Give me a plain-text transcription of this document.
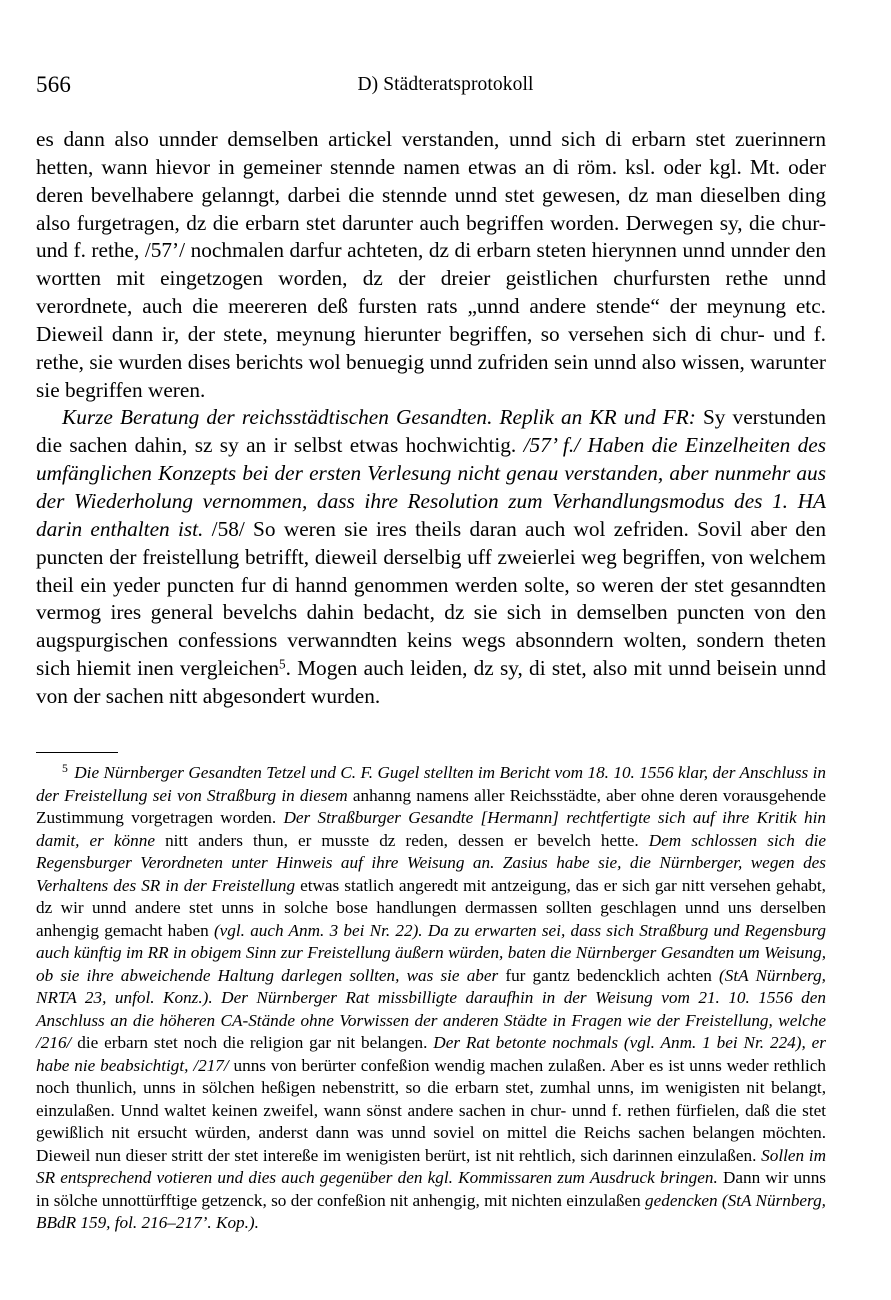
566	D) Städteratsprotokoll

es dann also unnder demselben artickel verstanden, unnd sich di erbarn stet zuerinnern hetten, wann hievor in gemeiner stennde namen etwas an di röm. ksl. oder kgl. Mt. oder deren bevelhabere gelanngt, darbei die stennde unnd stet gewesen, dz man dieselben ding also furgetragen, dz die erbarn stet darunter auch begriffen worden. Derwegen sy, die chur- und f. rethe, /57’/ nochmalen darfur achteten, dz di erbarn steten hierynnen unnd unnder den wortten mit eingetzogen worden, dz der dreier geistlichen churfursten rethe unnd verordnete, auch die meereren deß fursten rats „unnd andere stende“ der meynung etc. Dieweil dann ir, der stete, meynung hierunter begriffen, so versehen sich di chur- und f. rethe, sie wurden dises berichts wol benuegig unnd zufriden sein unnd also wissen, warunter sie begriffen weren.

Kurze Beratung der reichsstädtischen Gesandten. Replik an KR und FR: Sy verstunden die sachen dahin, sz sy an ir selbst etwas hochwichtig. /57’ f./ Haben die Einzelheiten des umfänglichen Konzepts bei der ersten Verlesung nicht genau verstanden, aber nunmehr aus der Wiederholung vernommen, dass ihre Resolution zum Verhandlungsmodus des 1. HA darin enthalten ist. /58/ So weren sie ires theils daran auch wol zefriden. Sovil aber den puncten der freistellung betrifft, dieweil derselbig uff zweierlei weg begriffen, von welchem theil ein yeder puncten fur di hannd genommen werden solte, so weren der stet gesanndten vermog ires general bevelchs dahin bedacht, dz sie sich in demselben puncten von den augspurgischen confessions verwanndten keins wegs absonndern wolten, sondern theten sich hiemit inen vergleichen$^5$. Mogen auch leiden, dz sy, di stet, also mit unnd beisein unnd von der sachen nitt abgesondert wurden.

$^5$ Die Nürnberger Gesandten Tetzel und C. F. Gugel stellten im Bericht vom 18. 10. 1556 klar, der Anschluss in der Freistellung sei von Straßburg in diesem anhanng namens aller Reichsstädte, aber ohne deren vorausgehende Zustimmung vorgetragen worden. Der Straßburger Gesandte [Hermann] rechtfertigte sich auf ihre Kritik hin damit, er könne nitt anders thun, er musste dz reden, dessen er bevelch hette. Dem schlossen sich die Regensburger Verordneten unter Hinweis auf ihre Weisung an. Zasius habe sie, die Nürnberger, wegen des Verhaltens des SR in der Freistellung etwas statlich angeredt mit antzeigung, das er sich gar nitt versehen gehabt, dz wir unnd andere stet unns in solche bose handlungen dermassen sollten geschlagen unnd uns derselben anhengig gemacht haben (vgl. auch Anm. 3 bei Nr. 22). Da zu erwarten sei, dass sich Straßburg und Regensburg auch künftig im RR in obigem Sinn zur Freistellung äußern würden, baten die Nürnberger Gesandten um Weisung, ob sie ihre abweichende Haltung darlegen sollten, was sie aber fur gantz bedencklich achten (StA Nürnberg, NRTA 23, unfol. Konz.). Der Nürnberger Rat missbilligte daraufhin in der Weisung vom 21. 10. 1556 den Anschluss an die höheren CA-Stände ohne Vorwissen der anderen Städte in Fragen wie der Freistellung, welche /216/ die erbarn stet noch die religion gar nit belangen. Der Rat betonte nochmals (vgl. Anm. 1 bei Nr. 224), er habe nie beabsichtigt, /217/ unns von berürter confeßion wendig machen zulaßen. Aber es ist unns weder rethlich noch thunlich, unns in sölchen heßigen nebenstritt, so die erbarn stet, zumhal unns, im wenigisten nit belangt, einzulaßen. Unnd waltet keinen zweifel, wann sönst andere sachen in chur- unnd f. rethen fürfielen, daß die stet gewißlich nit ersucht würden, anderst dann was unnd soviel on mittel die Reichs sachen belangen möchten. Dieweil nun dieser stritt der stet intereße im wenigisten berürt, ist nit rehtlich, sich darinnen einzulaßen. Sollen im SR entsprechend votieren und dies auch gegenüber den kgl. Kommissaren zum Ausdruck bringen. Dann wir unns in sölche unnottürfftige getzenck, so der confeßion nit anhengig, mit nichten einzulaßen gedencken (StA Nürnberg, BBdR 159, fol. 216–217’. Kop.).
